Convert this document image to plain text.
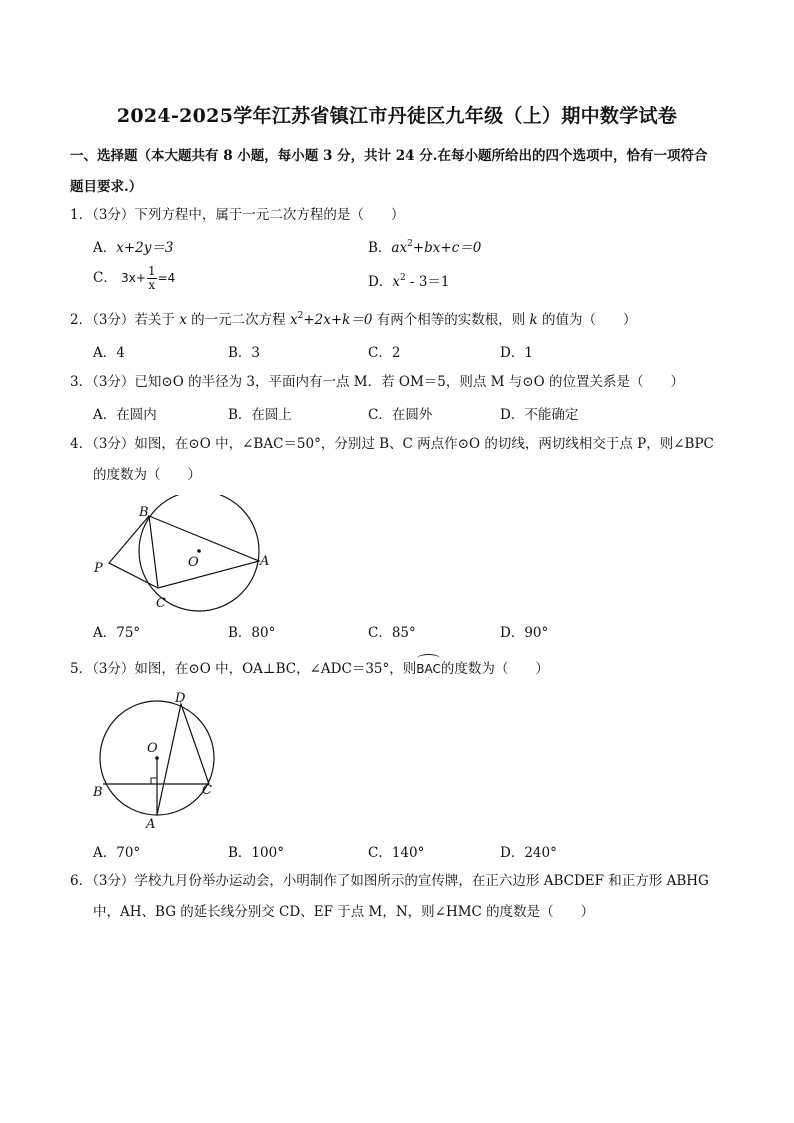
2024-2025学年江苏省镇江市丹徒区九年级（上）期中数学试卷
一、选择题（本大题共有 8 小题，每小题 3 分，共计 24 分.在每小题所给出的四个选项中，恰有一项符合
题目要求.）
1．（3分）下列方程中，属于一元二次方程的是（　　）
A．x+2y＝3	B．$ax^2+bx+c=0$
C． $3x+ \frac{1}{x} =4$	D．$x^2 - 3=1$
2．（3分）若关于 x 的一元二次方程 $x^2+2x+k=0$ 有两个相等的实数根，则 k 的值为（　　）
A．4	B．3	C．2	D．1
3．（3分）已知⊙O 的半径为 3，平面内有一点 M．若 OM＝5，则点 M 与⊙O 的位置关系是（　　）
A．在圆内	B．在圆上	C．在圆外	D．不能确定
4．（3分）如图，在⊙O 中，∠BAC＝50°，分别过 B、C 两点作⊙O 的切线，两切线相交于点 P，则∠BPC
的度数为（　　）
B
P	O	A
C
A．75°	B．80°	C．85°	D．90°
5．（3分）如图，在⊙O 中，OA⊥BC，∠ADC＝35°，则BAC的度数为（　　）
D
O
B	C
A
A．70°	B．100°	C．140°	D．240°
6．（3分）学校九月份举办运动会，小明制作了如图所示的宣传牌，在正六边形 ABCDEF 和正方形 ABHG
中，AH、BG 的延长线分别交 CD、EF 于点 M，N，则∠HMC 的度数是（　　）
